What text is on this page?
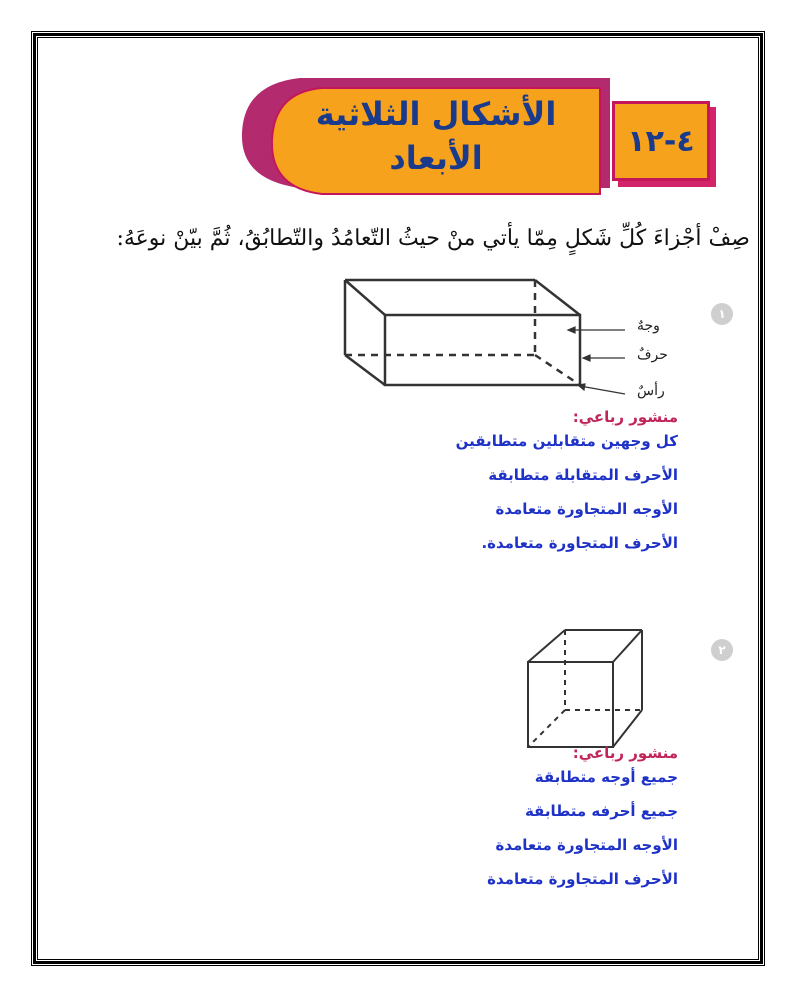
الأشكال الثلاثية
الأبعاد	٤-١٢
صِفْ أجْزاءَ كُلِّ شَكلٍ مِمّا يأتي منْ حيثُ التّعامُدُ والتّطابُقُ، ثُمَّ بيّنْ نوعَهُ:
١
وجهٌ
حرفٌ
رأسٌ
منشور رباعي:
كل وجهين متقابلين متطابقين
الأحرف المتقابلة متطابقة
الأوجه المتجاورة متعامدة
الأحرف المتجاورة متعامدة.
٢
منشور رباعي:
جميع أوجه متطابقة
جميع أحرفه متطابقة
الأوجه المتجاورة متعامدة
الأحرف المتجاورة متعامدة
